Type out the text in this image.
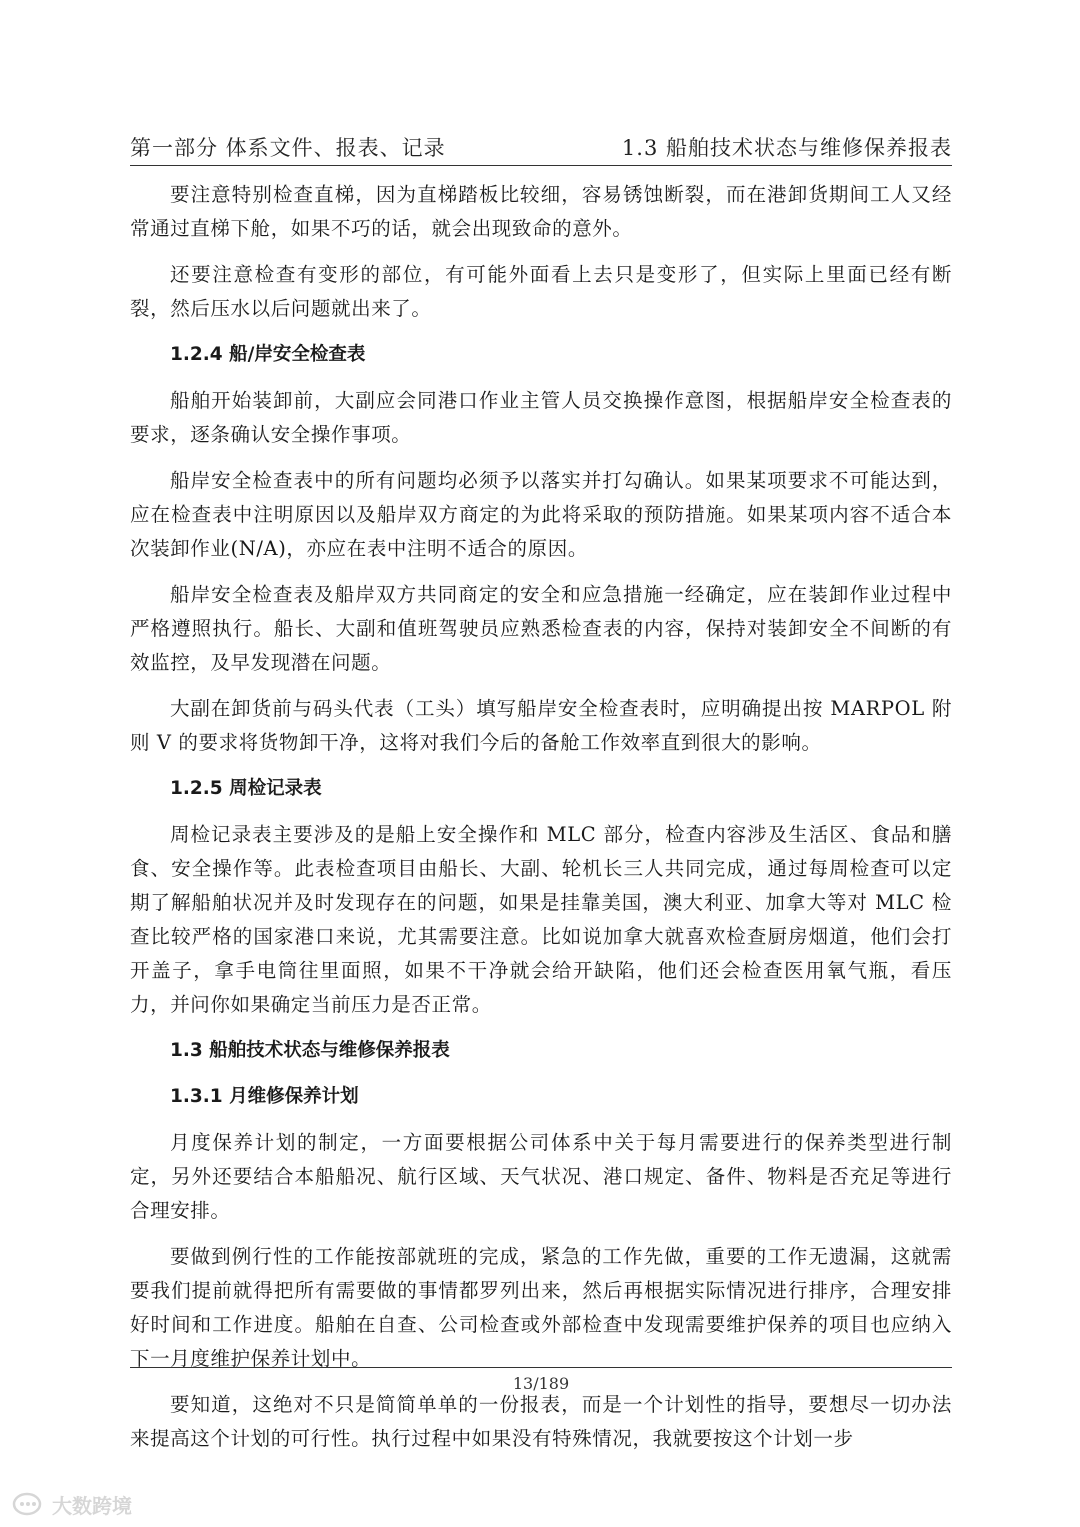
第一部分 体系文件、报表、记录	1.3 船舶技术状态与维修保养报表

要注意特别检查直梯，因为直梯踏板比较细，容易锈蚀断裂，而在港卸货期间工人又经常通过直梯下舱，如果不巧的话，就会出现致命的意外。

还要注意检查有变形的部位，有可能外面看上去只是变形了，但实际上里面已经有断裂，然后压水以后问题就出来了。

1.2.4 船/岸安全检查表

船舶开始装卸前，大副应会同港口作业主管人员交换操作意图，根据船岸安全检查表的要求，逐条确认安全操作事项。

船岸安全检查表中的所有问题均必须予以落实并打勾确认。如果某项要求不可能达到，应在检查表中注明原因以及船岸双方商定的为此将采取的预防措施。如果某项内容不适合本次装卸作业(N/A)，亦应在表中注明不适合的原因。

船岸安全检查表及船岸双方共同商定的安全和应急措施一经确定，应在装卸作业过程中严格遵照执行。船长、大副和值班驾驶员应熟悉检查表的内容，保持对装卸安全不间断的有效监控，及早发现潜在问题。

大副在卸货前与码头代表（工头）填写船岸安全检查表时，应明确提出按 MARPOL 附则 V 的要求将货物卸干净，这将对我们今后的备舱工作效率直到很大的影响。

1.2.5 周检记录表

周检记录表主要涉及的是船上安全操作和 MLC 部分，检查内容涉及生活区、食品和膳食、安全操作等。此表检查项目由船长、大副、轮机长三人共同完成，通过每周检查可以定期了解船舶状况并及时发现存在的问题，如果是挂靠美国，澳大利亚、加拿大等对 MLC 检查比较严格的国家港口来说，尤其需要注意。比如说加拿大就喜欢检查厨房烟道，他们会打开盖子，拿手电筒往里面照，如果不干净就会给开缺陷，他们还会检查医用氧气瓶，看压力，并问你如果确定当前压力是否正常。

1.3 船舶技术状态与维修保养报表
1.3.1 月维修保养计划

月度保养计划的制定，一方面要根据公司体系中关于每月需要进行的保养类型进行制定，另外还要结合本船船况、航行区域、天气状况、港口规定、备件、物料是否充足等进行合理安排。

要做到例行性的工作能按部就班的完成，紧急的工作先做，重要的工作无遗漏，这就需要我们提前就得把所有需要做的事情都罗列出来，然后再根据实际情况进行排序，合理安排好时间和工作进度。船舶在自查、公司检查或外部检查中发现需要维护保养的项目也应纳入下一月度维护保养计划中。

要知道，这绝对不只是简简单单的一份报表，而是一个计划性的指导，要想尽一切办法来提高这个计划的可行性。执行过程中如果没有特殊情况，我就要按这个计划一步

13/189
大数跨境
